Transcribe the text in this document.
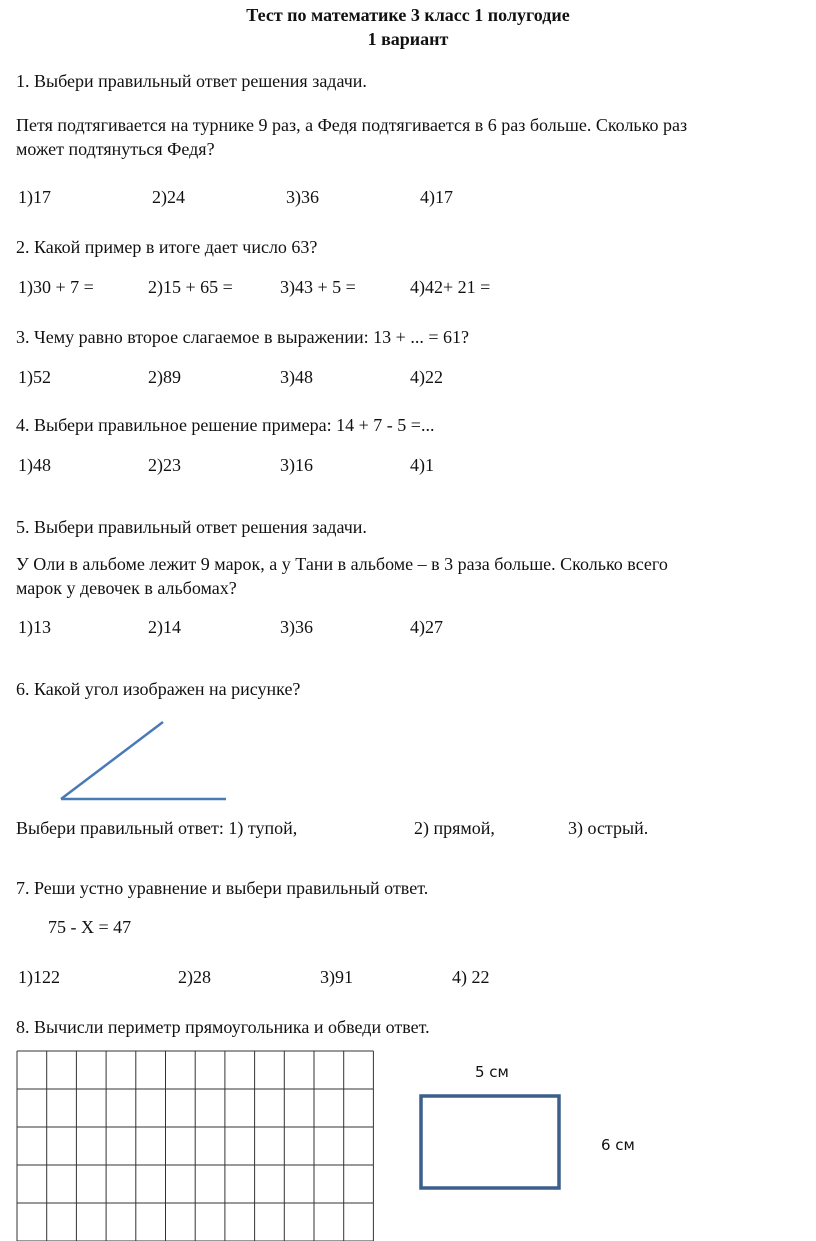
Тест по математике 3 класс 1 полугодие
1 вариант
1. Выбери правильный ответ решения задачи.
Петя подтягивается на турнике 9 раз, а Федя подтягивается в 6 раз больше. Сколько раз
может подтянуться Федя?
1)17	2)24	3)36	4)17
2. Какой пример в итоге дает число 63?
1)30 + 7 =	2)15 + 65 =	3)43 + 5 =	4)42+ 21 =
3. Чему равно второе слагаемое в выражении: 13 + ... = 61?
1)52	2)89	3)48	4)22
4. Выбери правильное решение примера: 14 + 7 - 5 =...
1)48	2)23	3)16	4)1
5. Выбери правильный ответ решения задачи.
У Оли в альбоме лежит 9 марок, а у Тани в альбоме – в 3 раза больше. Сколько всего
марок у девочек в альбомах?
1)13	2)14	3)36	4)27
6. Какой угол изображен на рисунке?
Выбери правильный ответ: 1) тупой,	2) прямой,	3) острый.
7. Реши устно уравнение и выбери правильный ответ.
75 - Х = 47
1)122	2)28	3)91	4) 22
8. Вычисли периметр прямоугольника и обведи ответ.
5 см
6 см
